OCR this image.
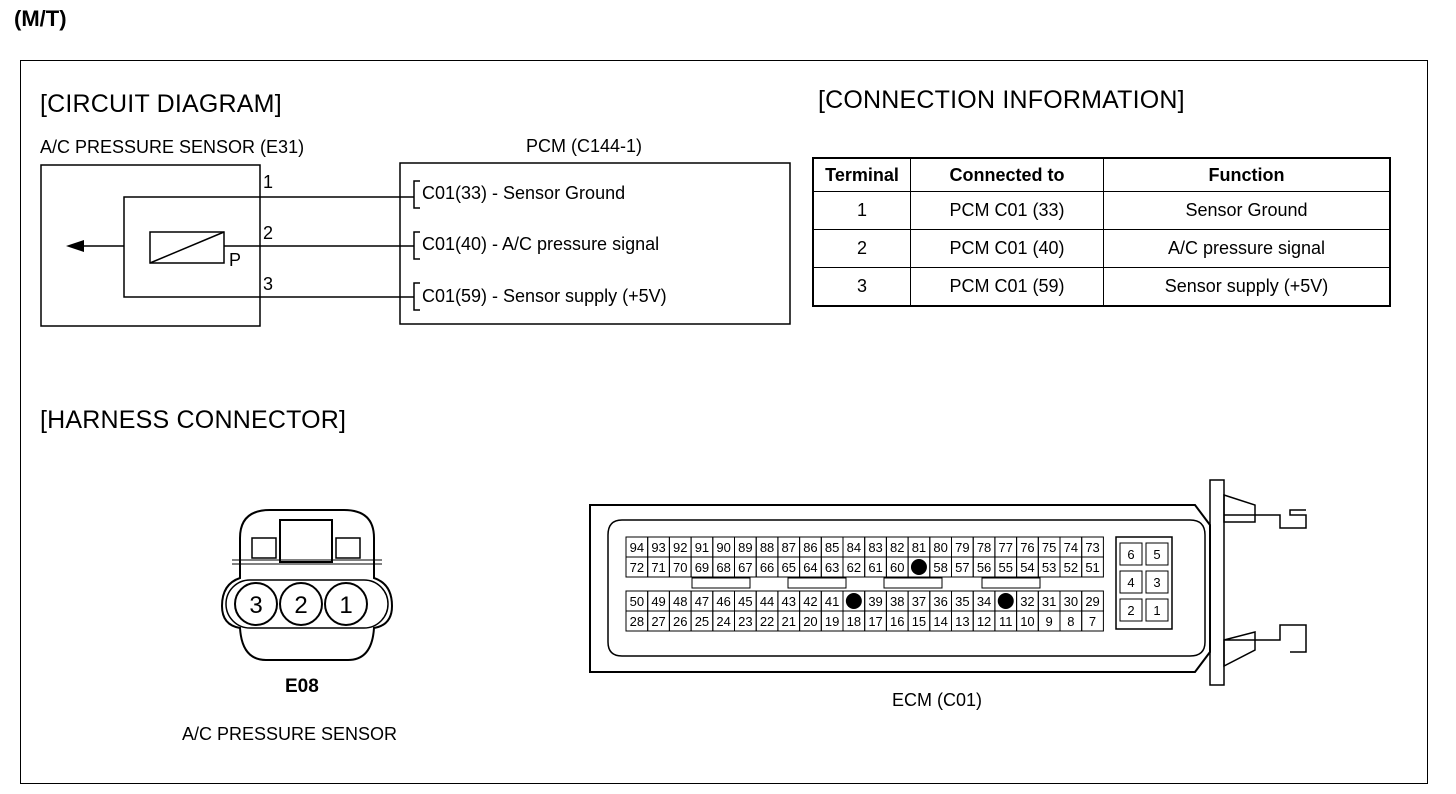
(M/T)
[CIRCUIT DIAGRAM]	[CONNECTION INFORMATION]
[HARNESS CONNECTOR]
A/C PRESSURE SENSOR (E31)	PCM (C144-1)
1
2
3
P
C01(33) - Sensor Ground
C01(40) - A/C pressure signal
C01(59) - Sensor supply (+5V)
Terminal	Connected to	Function
1	PCM C01 (33)	Sensor Ground
2	PCM C01 (40)	A/C pressure signal
3	PCM C01 (59)	Sensor supply (+5V)
3 2 1
E08
A/C PRESSURE SENSOR
94 93 92 91 90 89 88 87 86 85 84 83 82 81 80 79 78 77 76 75 74 73
72 71 70 69 68 67 66 65 64 63 62 61 60 58 57 56 55 54 53 52 51
50 49 48 47 46 45 44 43 42 41 39 38 37 36 35 34 32 31 30 29
28 27 26 25 24 23 22 21 20 19 18 17 16 15 14 13 12 11 10 9 8 7
6 5
4 3
2 1
ECM (C01)
